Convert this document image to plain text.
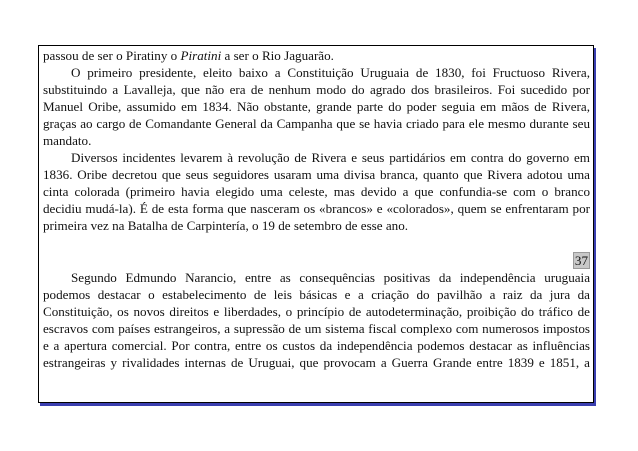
passou de ser o Piratiny o Piratini a ser o Rio Jaguarão.

O primeiro presidente, eleito baixo a Constituição Uruguaia de 1830, foi Fructuoso Rivera, substituindo a Lavalleja, que não era de nenhum modo do agrado dos brasileiros. Foi sucedido por Manuel Oribe, assumido em 1834. Não obstante, grande parte do poder seguia em mãos de Rivera, graças ao cargo de Comandante General da Campanha que se havia criado para ele mesmo durante seu mandato.

Diversos incidentes levarem à revolução de Rivera e seus partidários em contra do governo em 1836. Oribe decretou que seus seguidores usaram uma divisa branca, quanto que Rivera adotou uma cinta colorada (primeiro havia elegido uma celeste, mas devido a que confundia-se com o branco decidiu mudá-la). É de esta forma que nasceram os «brancos» e «colorados», quem se enfrentaram por primeira vez na Batalha de Carpintería, o 19 de setembro de esse ano.

37

Segundo Edmundo Narancio, entre as consequências positivas da independência uruguaia podemos destacar o estabelecimento de leis básicas e a criação do pavilhão a raiz da jura da Constituição, os novos direitos e liberdades, o princípio de autodeterminação, proibição do tráfico de escravos com países estrangeiros, a supressão de um sistema fiscal complexo com numerosos impostos e a apertura comercial. Por contra, entre os custos da independência podemos destacar as influências estrangeiras y rivalidades internas de Uruguai, que provocam a Guerra Grande entre 1839 e 1851, a
